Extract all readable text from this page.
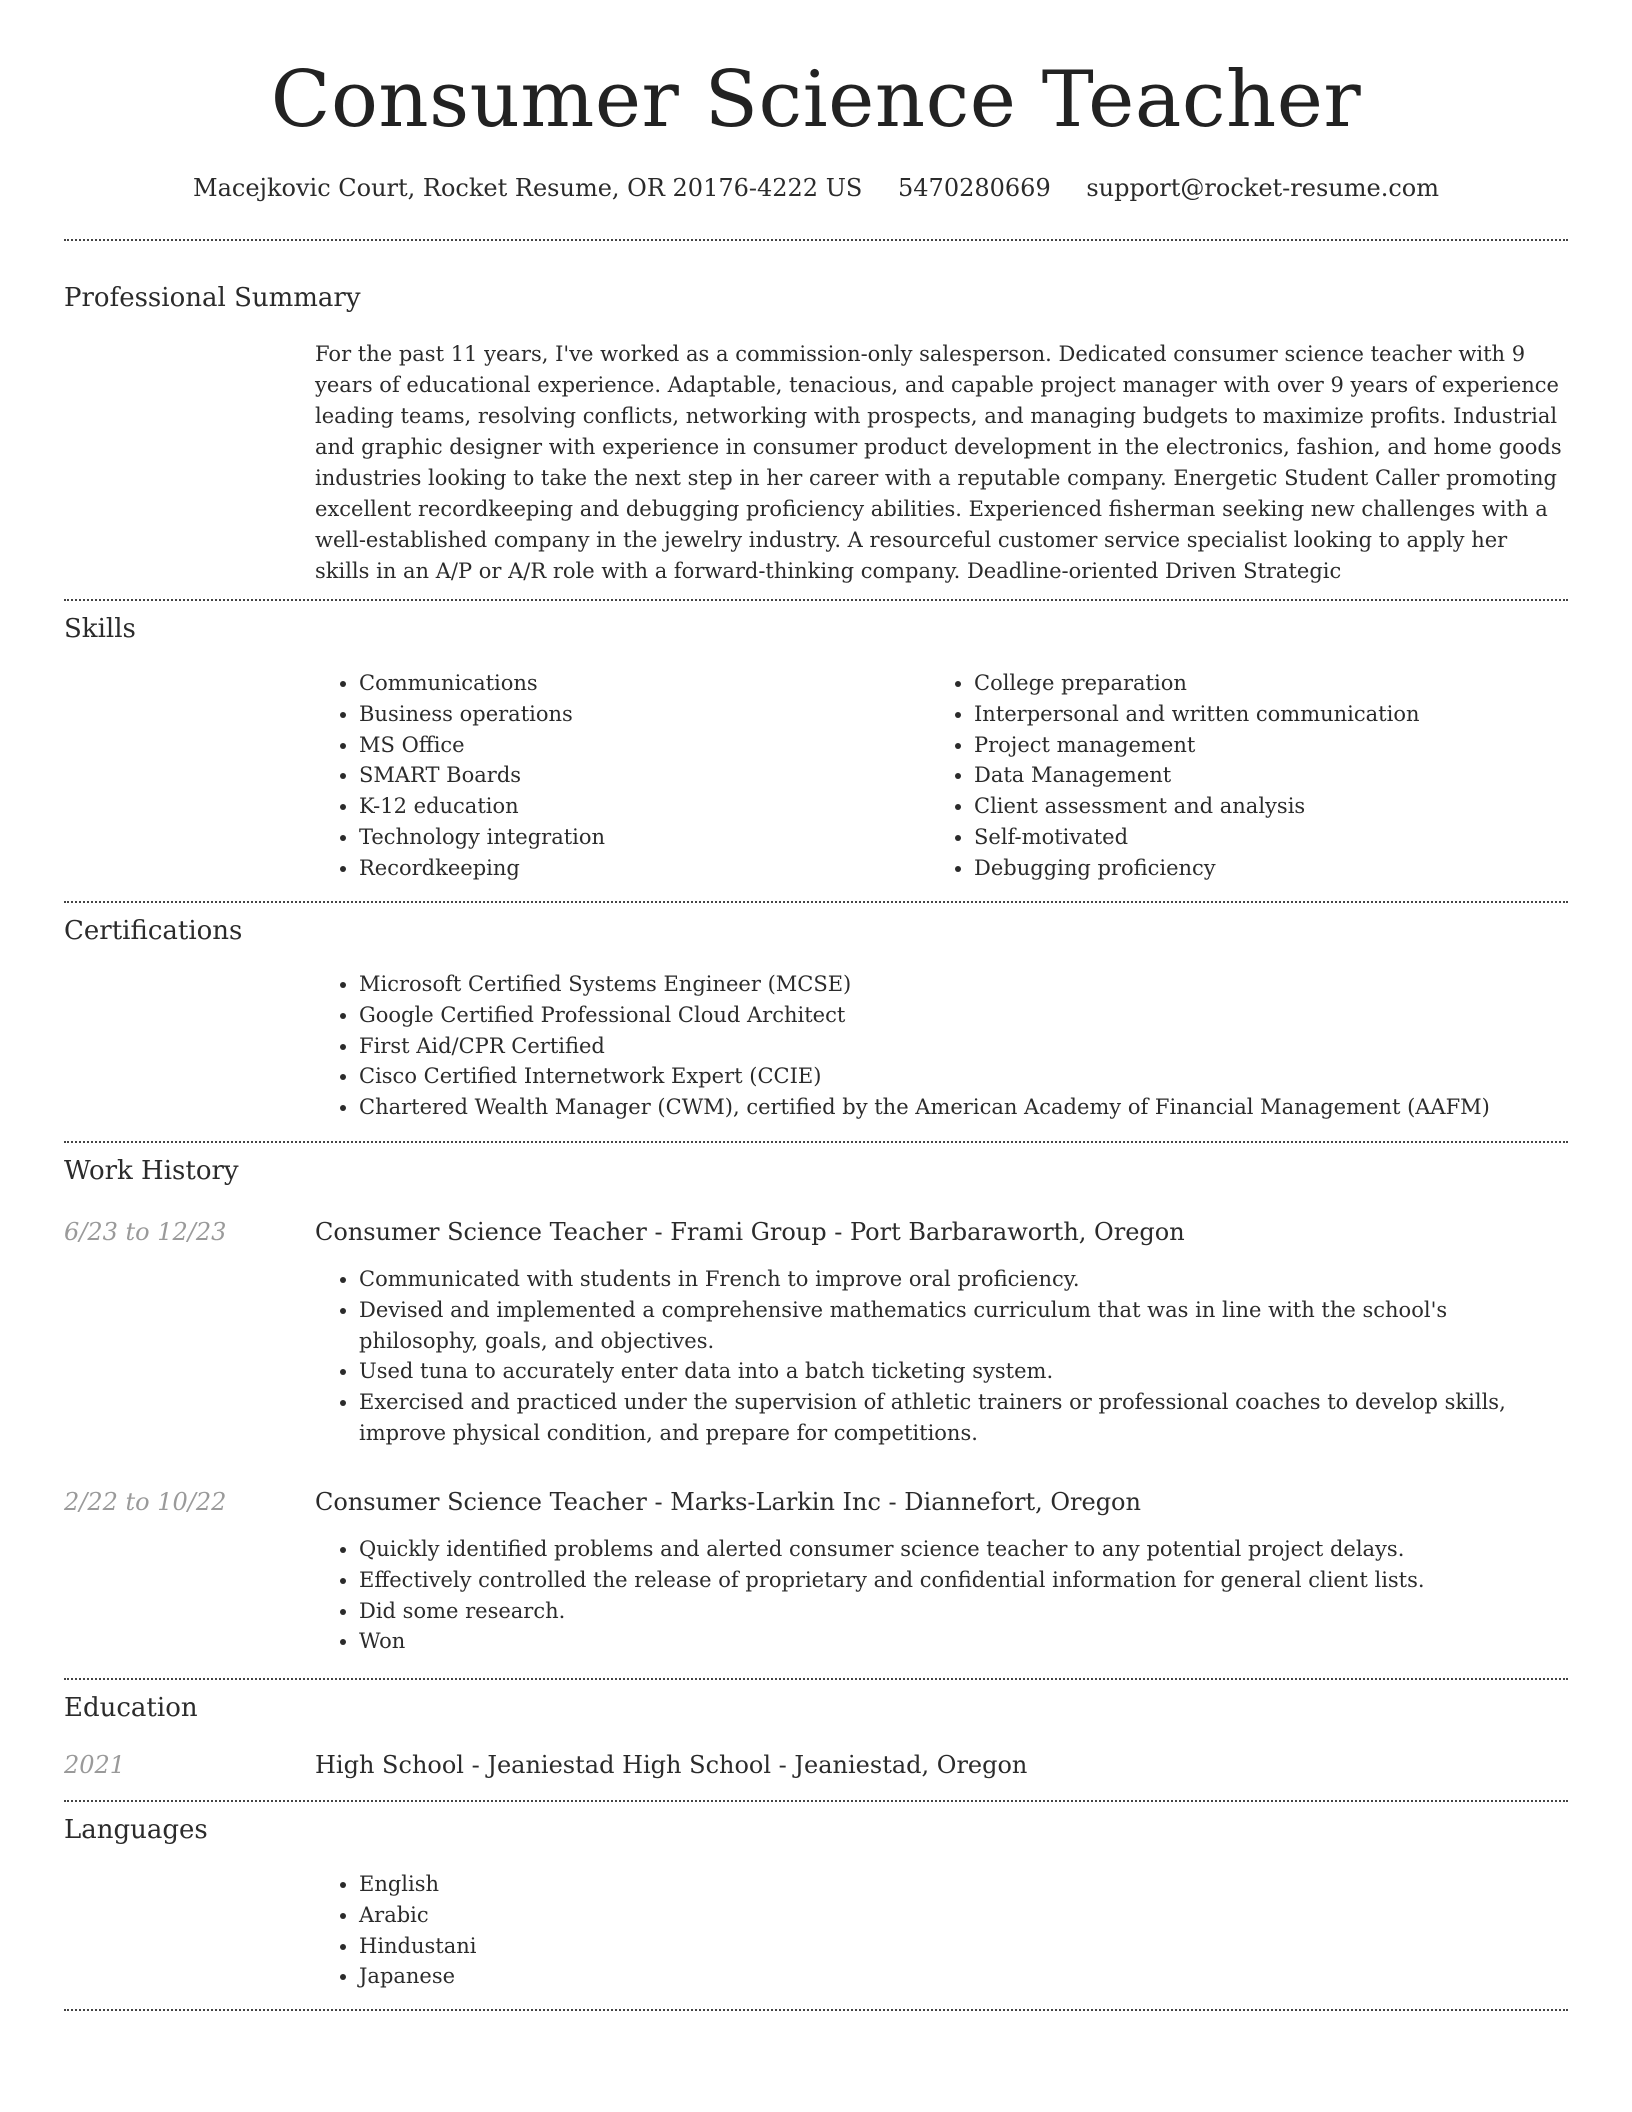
Consumer Science Teacher
Macejkovic Court, Rocket Resume, OR 20176-4222 US 5470280669 support@rocket-resume.com
Professional Summary

For the past 11 years, I've worked as a commission-only salesperson. Dedicated consumer science teacher with 9 years of educational experience. Adaptable, tenacious, and capable project manager with over 9 years of experience leading teams, resolving conflicts, networking with prospects, and managing budgets to maximize profits. Industrial and graphic designer with experience in consumer product development in the electronics, fashion, and home goods industries looking to take the next step in her career with a reputable company. Energetic Student Caller promoting excellent recordkeeping and debugging proficiency abilities. Experienced fisherman seeking new challenges with a well-established company in the jewelry industry. A resourceful customer service specialist looking to apply her skills in an A/P or A/R role with a forward-thinking company. Deadline-oriented Driven Strategic

Skills
• Communications
• Business operations
• MS Office
• SMART Boards
• K-12 education
• Technology integration
• Recordkeeping
• College preparation
• Interpersonal and written communication
• Project management
• Data Management
• Client assessment and analysis
• Self-motivated
• Debugging proficiency
Certifications
• Microsoft Certified Systems Engineer (MCSE)
• Google Certified Professional Cloud Architect
• First Aid/CPR Certified
• Cisco Certified Internetwork Expert (CCIE)
• Chartered Wealth Manager (CWM), certified by the American Academy of Financial Management (AAFM)
Work History
6/23 to 12/23	Consumer Science Teacher - Frami Group - Port Barbaraworth, Oregon
• Communicated with students in French to improve oral proficiency.
• Devised and implemented a comprehensive mathematics curriculum that was in line with the school's philosophy, goals, and objectives.
• Used tuna to accurately enter data into a batch ticketing system.
• Exercised and practiced under the supervision of athletic trainers or professional coaches to develop skills, improve physical condition, and prepare for competitions.
2/22 to 10/22	Consumer Science Teacher - Marks-Larkin Inc - Diannefort, Oregon
• Quickly identified problems and alerted consumer science teacher to any potential project delays.
• Effectively controlled the release of proprietary and confidential information for general client lists.
• Did some research.
• Won
Education
2021	High School - Jeaniestad High School - Jeaniestad, Oregon
Languages
• English
• Arabic
• Hindustani
• Japanese
